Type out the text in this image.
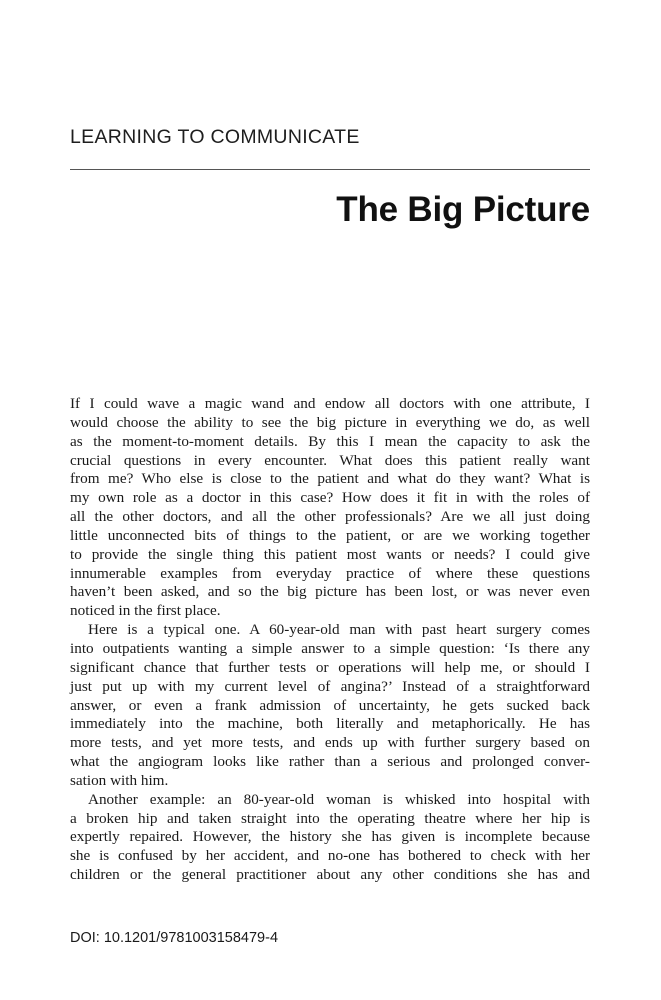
LEARNING TO COMMUNICATE
The Big Picture

If I could wave a magic wand and endow all doctors with one attribute, I
would choose the ability to see the big picture in everything we do, as well
as the moment-to-moment details. By this I mean the capacity to ask the
crucial questions in every encounter. What does this patient really want
from me? Who else is close to the patient and what do they want? What is
my own role as a doctor in this case? How does it fit in with the roles of
all the other doctors, and all the other professionals? Are we all just doing
little unconnected bits of things to the patient, or are we working together
to provide the single thing this patient most wants or needs? I could give
innumerable examples from everyday practice of where these questions
haven’t been asked, and so the big picture has been lost, or was never even
noticed in the first place.

Here is a typical one. A 60-year-old man with past heart surgery comes
into outpatients wanting a simple answer to a simple question: ‘Is there any
significant chance that further tests or operations will help me, or should I
just put up with my current level of angina?’ Instead of a straightforward
answer, or even a frank admission of uncertainty, he gets sucked back
immediately into the machine, both literally and metaphorically. He has
more tests, and yet more tests, and ends up with further surgery based on
what the angiogram looks like rather than a serious and prolonged conver-
sation with him.

Another example: an 80-year-old woman is whisked into hospital with
a broken hip and taken straight into the operating theatre where her hip is
expertly repaired. However, the history she has given is incomplete because
she is confused by her accident, and no-one has bothered to check with her
children or the general practitioner about any other conditions she has and

DOI: 10.1201/9781003158479-4
